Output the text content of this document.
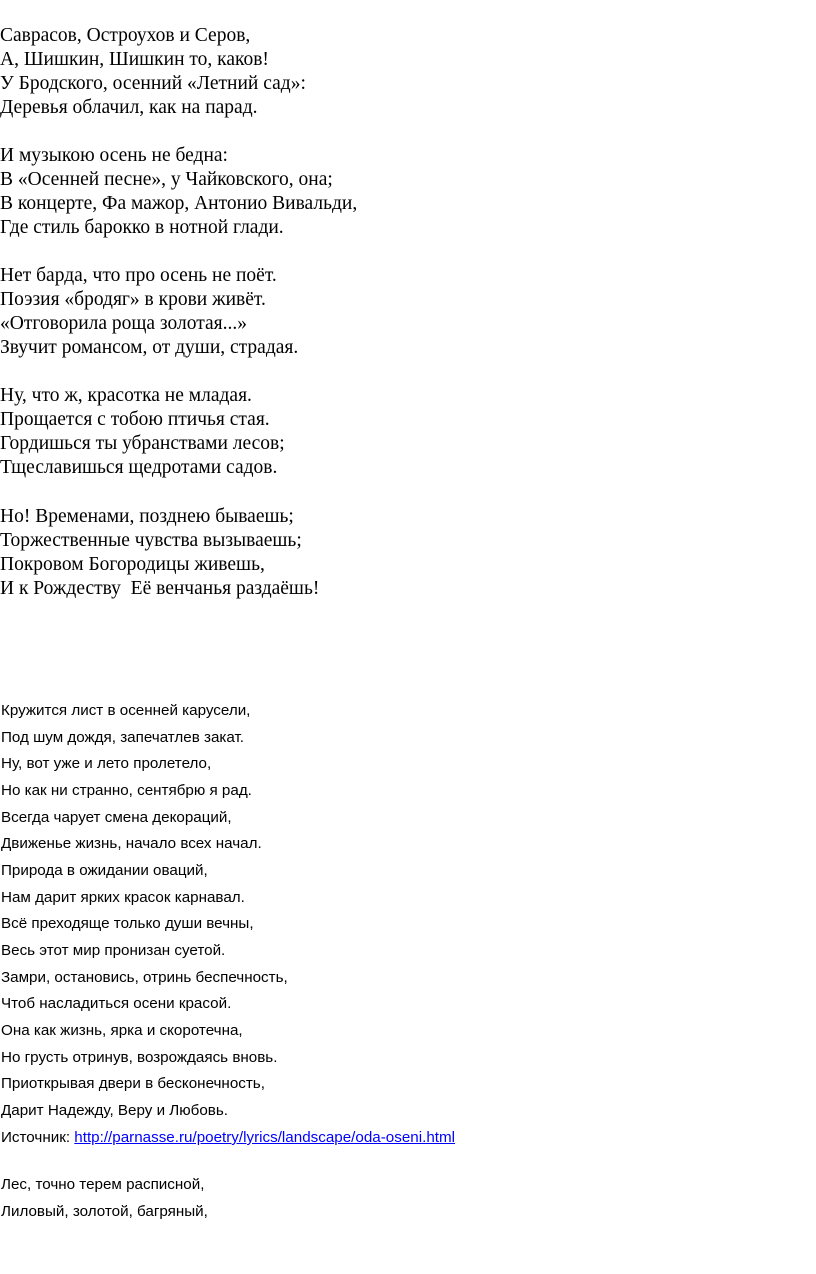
Саврасов, Остроухов и Серов,
А, Шишкин, Шишкин то, каков!
У Бродского, осенний «Летний сад»:
Деревья облачил, как на парад.
И музыкою осень не бедна:
В «Осенней песне», у Чайковского, она;
В концерте, Фа мажор, Антонио Вивальди,
Где стиль барокко в нотной глади.
Нет барда, что про осень не поёт.
Поэзия «бродяг» в крови живёт.
«Отговорила роща золотая...»
Звучит романсом, от души, страдая.
Ну, что ж, красотка не младая.
Прощается с тобою птичья стая.
Гордишься ты убранствами лесов;
Тщеславишься щедротами садов.
Но! Временами, позднею бываешь;
Торжественные чувства вызываешь;
Покровом Богородицы живешь,
И к Рождеству  Её венчанья раздаёшь!
Кружится лист в осенней карусели,
Под шум дождя, запечатлев закат.
Ну, вот уже и лето пролетело,
Но как ни странно, сентябрю я рад.
Всегда чарует смена декораций,
Движенье жизнь, начало всех начал.
Природа в ожидании оваций,
Нам дарит ярких красок карнавал.
Всё преходяще только души вечны,
Весь этот мир пронизан суетой.
Замри, остановись, отринь беспечность,
Чтоб насладиться осени красой.
Она как жизнь, ярка и скоротечна,
Но грусть отринув, возрождаясь вновь.
Приоткрывая двери в бесконечность,
Дарит Надежду, Веру и Любовь.
Источник: http://parnasse.ru/poetry/lyrics/landscape/oda-oseni.html
Лес, точно терем расписной,
Лиловый, золотой, багряный,
